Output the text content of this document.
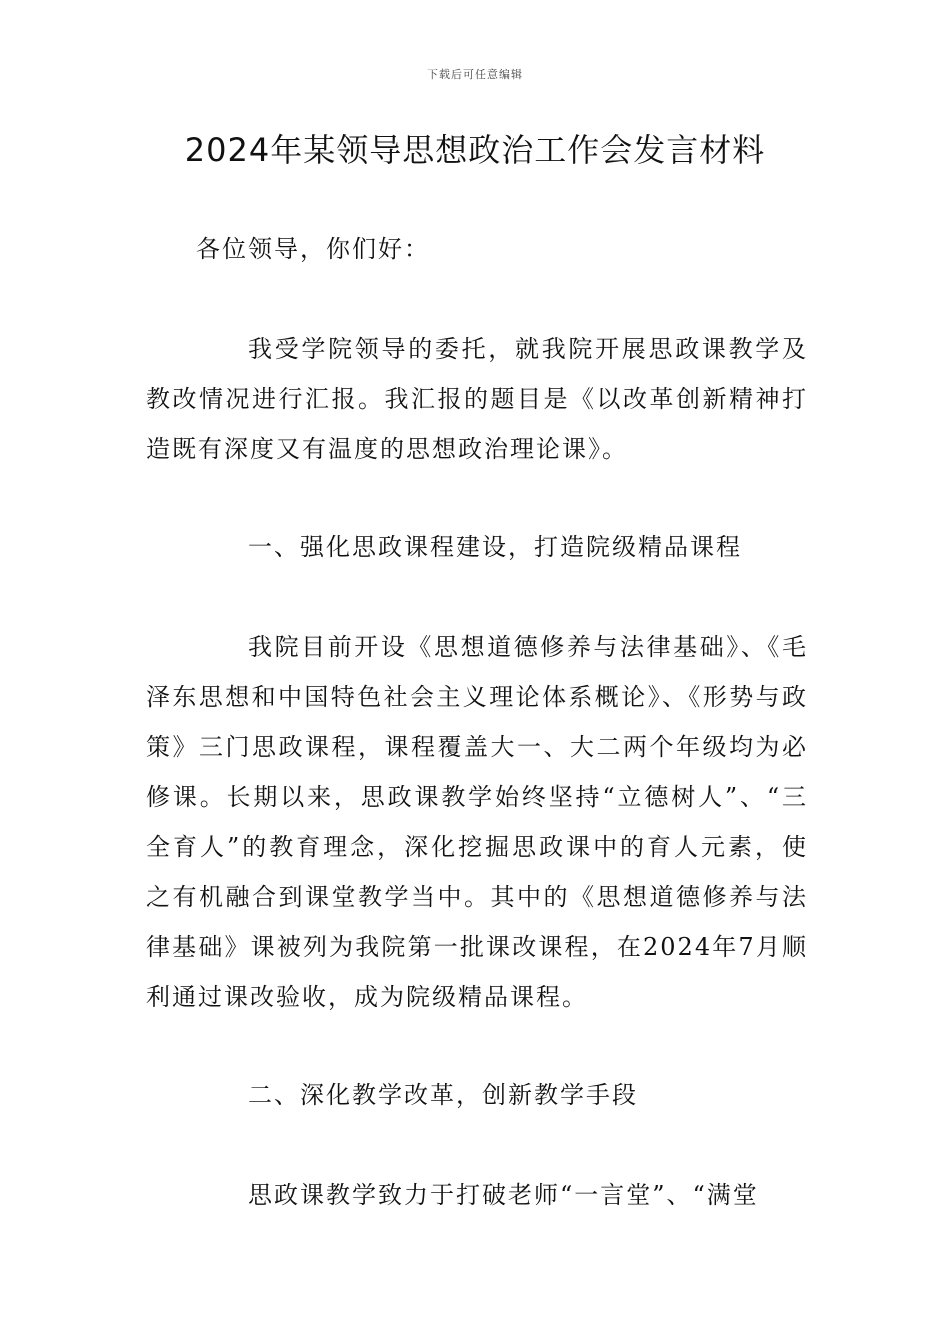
下载后可任意编辑
2024年某领导思想政治工作会发言材料

各位领导，你们好：

我受学院领导的委托，就我院开展思政课教学及教改情况进行汇报。我汇报的题目是《以改革创新精神打造既有深度又有温度的思想政治理论课》。

一、强化思政课程建设，打造院级精品课程

我院目前开设《思想道德修养与法律基础》、《毛泽东思想和中国特色社会主义理论体系概论》、《形势与政策》三门思政课程，课程覆盖大一、大二两个年级均为必修课。长期以来，思政课教学始终坚持“立德树人”、“三全育人”的教育理念，深化挖掘思政课中的育人元素，使之有机融合到课堂教学当中。其中的《思想道德修养与法律基础》课被列为我院第一批课改课程，在2024年7月顺利通过课改验收，成为院级精品课程。

二、深化教学改革，创新教学手段

思政课教学致力于打破老师“一言堂”、“满堂
